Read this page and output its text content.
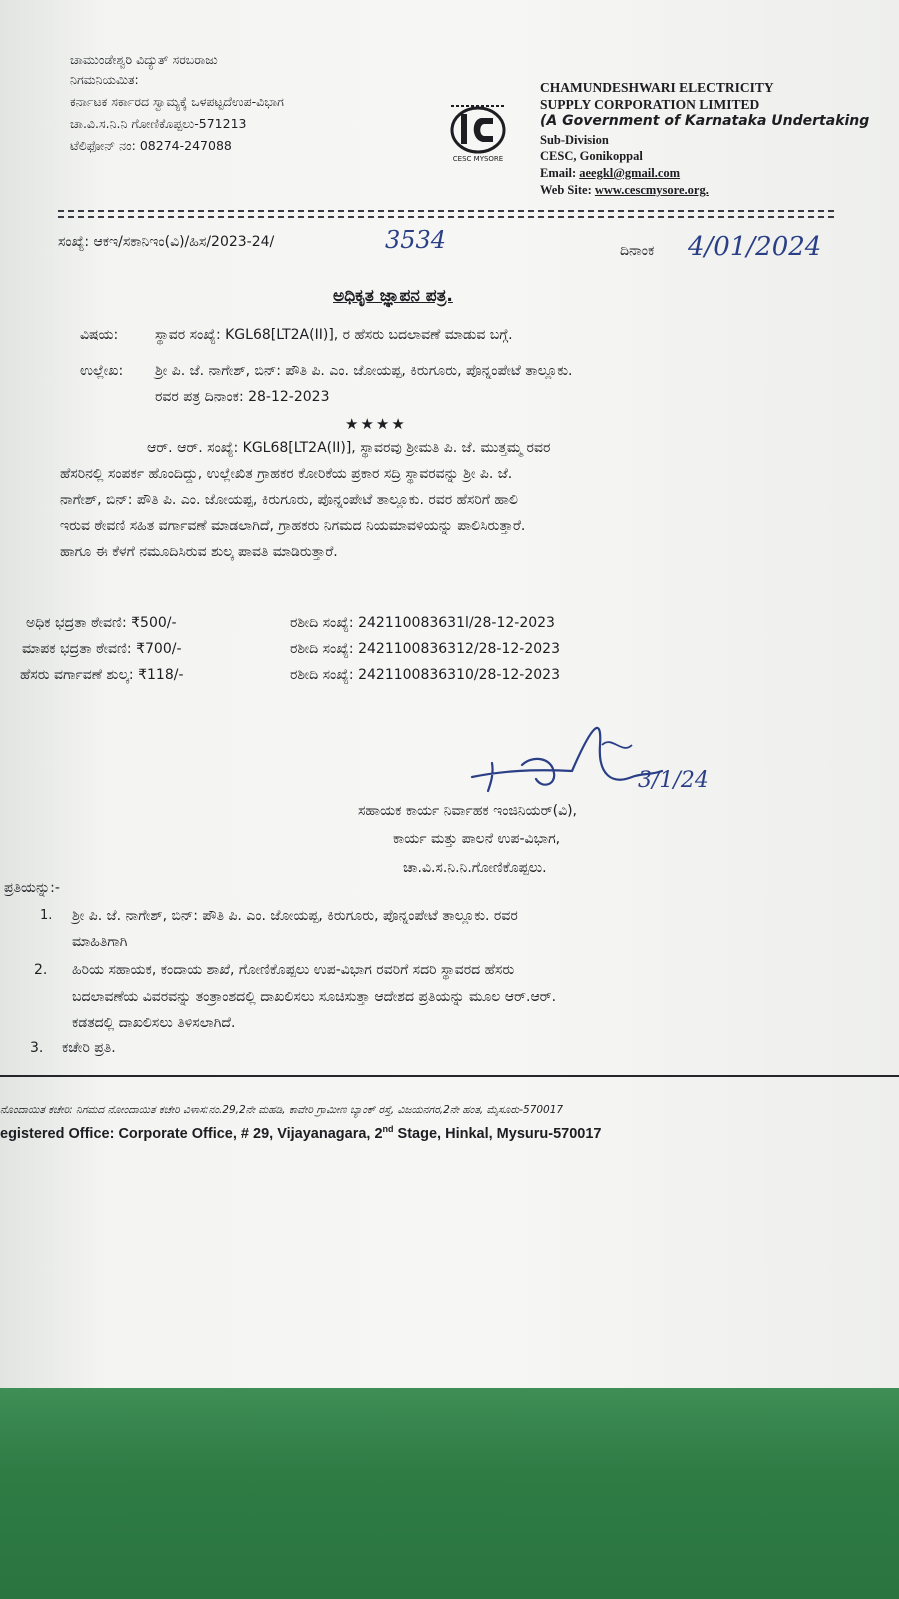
ಚಾಮುಂಡೇಶ್ವರಿ ವಿದ್ಯುತ್ ಸರಬರಾಜು
ನಿಗಮನಿಯಮಿತ:
ಕರ್ನಾಟಕ ಸರ್ಕಾರದ ಸ್ವಾಮ್ಯಕ್ಕೆ ಒಳಪಟ್ಟದೆಉಪ-ವಿಭಾಗ
ಚಾ.ವಿ.ಸ.ನಿ.ನಿ ಗೋಣಿಕೊಪ್ಪಲು-571213
ಟೆಲಿಫೋನ್ ನಂ: 08274-247088
CESC MYSORE
CHAMUNDESHWARI ELECTRICITY
SUPPLY CORPORATION LIMITED
(A Government of Karnataka Undertaking
Sub-Division
CESC, Gonikoppal
Email: aeegkl@gmail.com
Web Site: www.cescmysore.org.
ಸಂಖ್ಯೆ: ಆಕಇ/ಸಕಾನಿಇಂ(ವಿ)/ಹಿಸ/2023-24/	3534	ದಿನಾಂಕ 4/01/2024
ಅಧಿಕೃತ ಜ್ಞಾಪನ ಪತ್ರ.
ವಿಷಯ:	ಸ್ಥಾವರ ಸಂಖ್ಯೆ: KGL68[LT2A(II)], ರ ಹೆಸರು ಬದಲಾವಣೆ ಮಾಡುವ ಬಗ್ಗೆ.
ಉಲ್ಲೇಖ: ಶ್ರೀ ಪಿ. ಜೆ. ನಾಗೇಶ್, ಬಿನ್: ಪೌತಿ ಪಿ. ಎಂ. ಜೋಯಪ್ಪ, ಕಿರುಗೂರು, ಪೊನ್ನಂಪೇಟೆ ತಾಲ್ಲೂಕು.
ರವರ ಪತ್ರ ದಿನಾಂಕ: 28-12-2023
★★★★
ಆರ್. ಆರ್. ಸಂಖ್ಯೆ: KGL68[LT2A(II)], ಸ್ಥಾವರವು ಶ್ರೀಮತಿ ಪಿ. ಜೆ. ಮುತ್ತಮ್ಮ ರವರ
ಹೆಸರಿನಲ್ಲಿ ಸಂಪರ್ಕ ಹೊಂದಿದ್ದು, ಉಲ್ಲೇಖಿತ ಗ್ರಾಹಕರ ಕೋರಿಕೆಯ ಪ್ರಕಾರ ಸದ್ರಿ ಸ್ಥಾವರವನ್ನು ಶ್ರೀ ಪಿ. ಜೆ.
ನಾಗೇಶ್, ಬಿನ್: ಪೌತಿ ಪಿ. ಎಂ. ಜೋಯಪ್ಪ, ಕಿರುಗೂರು, ಪೊನ್ನಂಪೇಟೆ ತಾಲ್ಲೂಕು. ರವರ ಹೆಸರಿಗೆ ಹಾಲಿ
ಇರುವ ಠೇವಣಿ ಸಹಿತ ವರ್ಗಾವಣೆ ಮಾಡಲಾಗಿದೆ, ಗ್ರಾಹಕರು ನಿಗಮದ ನಿಯಮಾವಳಿಯನ್ನು ಪಾಲಿಸಿರುತ್ತಾರೆ.
ಹಾಗೂ ಈ ಕೆಳಗೆ ನಮೂದಿಸಿರುವ ಶುಲ್ಕ ಪಾವತಿ ಮಾಡಿರುತ್ತಾರೆ.
ಅಧಿಕ ಭದ್ರತಾ ಠೇವಣಿ: ₹500/-	ರಶೀದಿ ಸಂಖ್ಯೆ: 242110083631l/28-12-2023
ಮಾಪಕ ಭದ್ರತಾ ಠೇವಣಿ: ₹700/-	ರಶೀದಿ ಸಂಖ್ಯೆ: 2421100836312/28-12-2023
ಹೆಸರು ವರ್ಗಾವಣೆ ಶುಲ್ಕ: ₹118/-	ರಶೀದಿ ಸಂಖ್ಯೆ: 2421100836310/28-12-2023
3/1/24
ಸಹಾಯಕ ಕಾರ್ಯ ನಿರ್ವಾಹಕ ಇಂಜಿನಿಯರ್(ವಿ),
ಕಾರ್ಯ ಮತ್ತು ಪಾಲನೆ ಉಪ-ವಿಭಾಗ,
ಚಾ.ವಿ.ಸ.ನಿ.ನಿ.ಗೋಣಿಕೊಪ್ಪಲು.
ಪ್ರತಿಯನ್ನು:-
1. ಶ್ರೀ ಪಿ. ಜೆ. ನಾಗೇಶ್, ಬಿನ್: ಪೌತಿ ಪಿ. ಎಂ. ಜೋಯಪ್ಪ, ಕಿರುಗೂರು, ಪೊನ್ನಂಪೇಟೆ ತಾಲ್ಲೂಕು. ರವರ
ಮಾಹಿತಿಗಾಗಿ
2. ಹಿರಿಯ ಸಹಾಯಕ, ಕಂದಾಯ ಶಾಖೆ, ಗೋಣಿಕೊಪ್ಪಲು ಉಪ-ವಿಭಾಗ ರವರಿಗೆ ಸದರಿ ಸ್ಥಾವರದ ಹೆಸರು
ಬದಲಾವಣೆಯ ವಿವರವನ್ನು ತಂತ್ರಾಂಶದಲ್ಲಿ ದಾಖಲಿಸಲು ಸೂಚಿಸುತ್ತಾ ಆದೇಶದ ಪ್ರತಿಯನ್ನು ಮೂಲ ಆರ್.ಆರ್.
ಕಡತದಲ್ಲಿ ದಾಖಲಿಸಲು ತಿಳಿಸಲಾಗಿದೆ.
3. ಕಚೇರಿ ಪ್ರತಿ.
ನೊಂದಾಯಿತ ಕಚೇರಿ: ನಿಗಮದ ನೋಂದಾಯಿತ ಕಚೇರಿ ವಿಳಾಸ:ನಂ.29,2ನೇ ಮಹಡಿ, ಕಾವೇರಿ ಗ್ರಾಮೀಣ ಬ್ಯಾಂಕ್ ರಸ್ತೆ, ವಿಜಯನಗರ,2ನೇ ಹಂತ, ಮೈಸೂರು-570017
egistered Office: Corporate Office, # 29, Vijayanagara, 2nd Stage, Hinkal, Mysuru-570017
